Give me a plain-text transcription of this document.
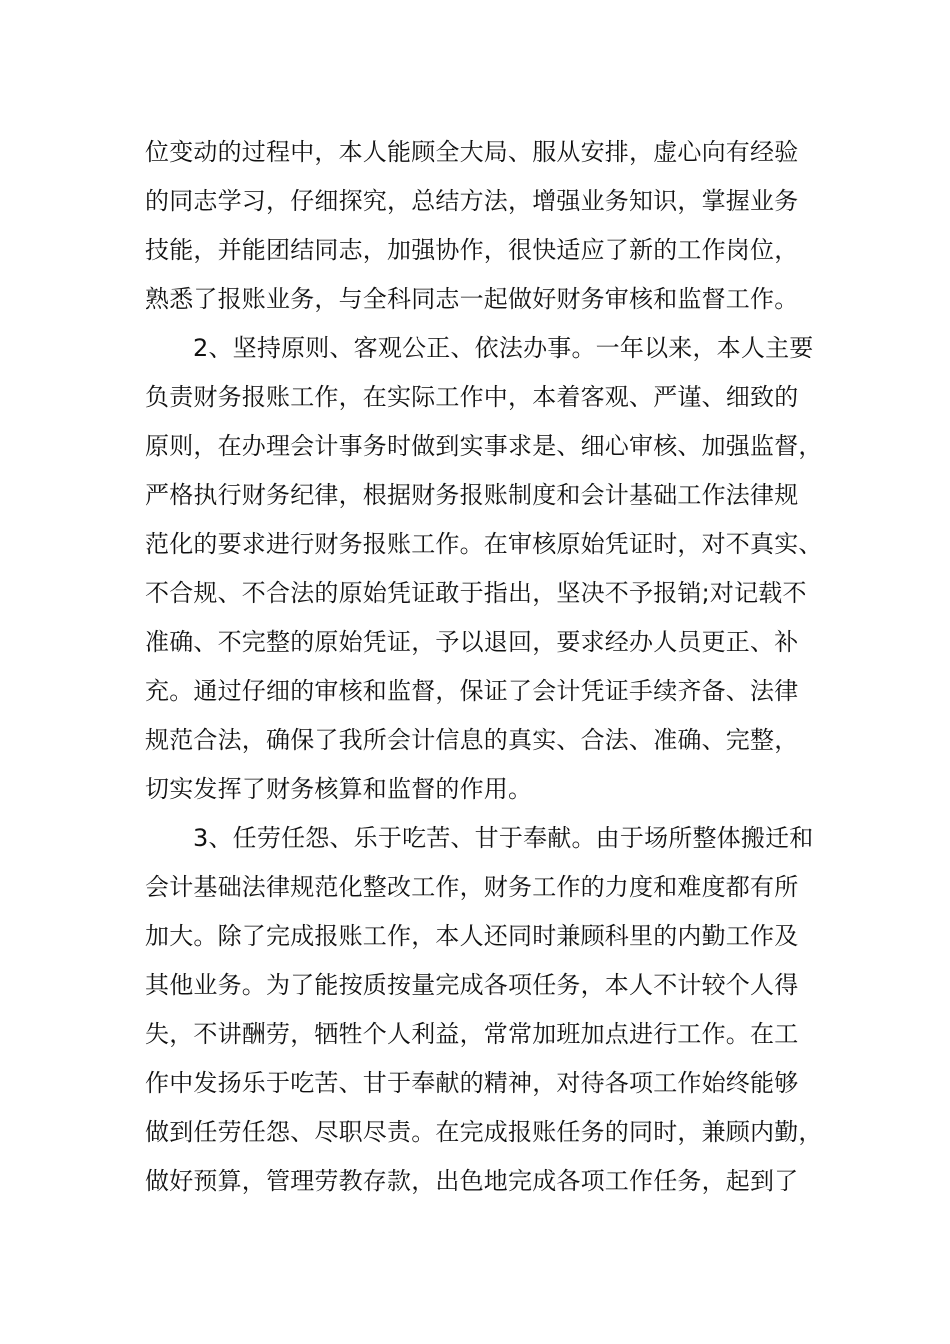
位变动的过程中，本人能顾全大局、服从安排，虚心向有经验
的同志学习，仔细探究，总结方法，增强业务知识，掌握业务
技能，并能团结同志，加强协作，很快适应了新的工作岗位，
熟悉了报账业务，与全科同志一起做好财务审核和监督工作。
2、坚持原则、客观公正、依法办事。一年以来，本人主要
负责财务报账工作，在实际工作中，本着客观、严谨、细致的
原则，在办理会计事务时做到实事求是、细心审核、加强监督，
严格执行财务纪律，根据财务报账制度和会计基础工作法律规
范化的要求进行财务报账工作。在审核原始凭证时，对不真实、
不合规、不合法的原始凭证敢于指出，坚决不予报销;对记载不
准确、不完整的原始凭证，予以退回，要求经办人员更正、补
充。通过仔细的审核和监督，保证了会计凭证手续齐备、法律
规范合法，确保了我所会计信息的真实、合法、准确、完整，
切实发挥了财务核算和监督的作用。
3、任劳任怨、乐于吃苦、甘于奉献。由于场所整体搬迁和
会计基础法律规范化整改工作，财务工作的力度和难度都有所
加大。除了完成报账工作，本人还同时兼顾科里的内勤工作及
其他业务。为了能按质按量完成各项任务，本人不计较个人得
失，不讲酬劳，牺牲个人利益，常常加班加点进行工作。在工
作中发扬乐于吃苦、甘于奉献的精神，对待各项工作始终能够
做到任劳任怨、尽职尽责。在完成报账任务的同时，兼顾内勤，
做好预算，管理劳教存款，出色地完成各项工作任务，起到了
